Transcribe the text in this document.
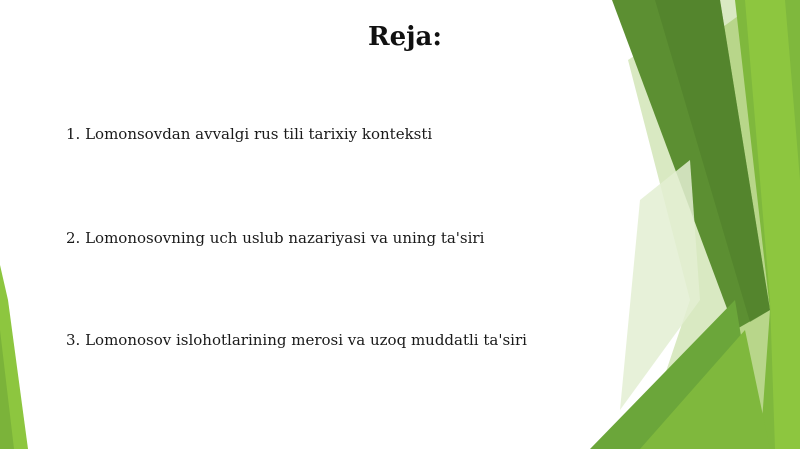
Reja:

1. Lomonsovdan avvalgi rus tili tarixiy konteksti

2. Lomonosovning uch uslub nazariyasi va uning ta'siri

3. Lomonosov islohotlarining merosi va uzoq muddatli ta'siri
